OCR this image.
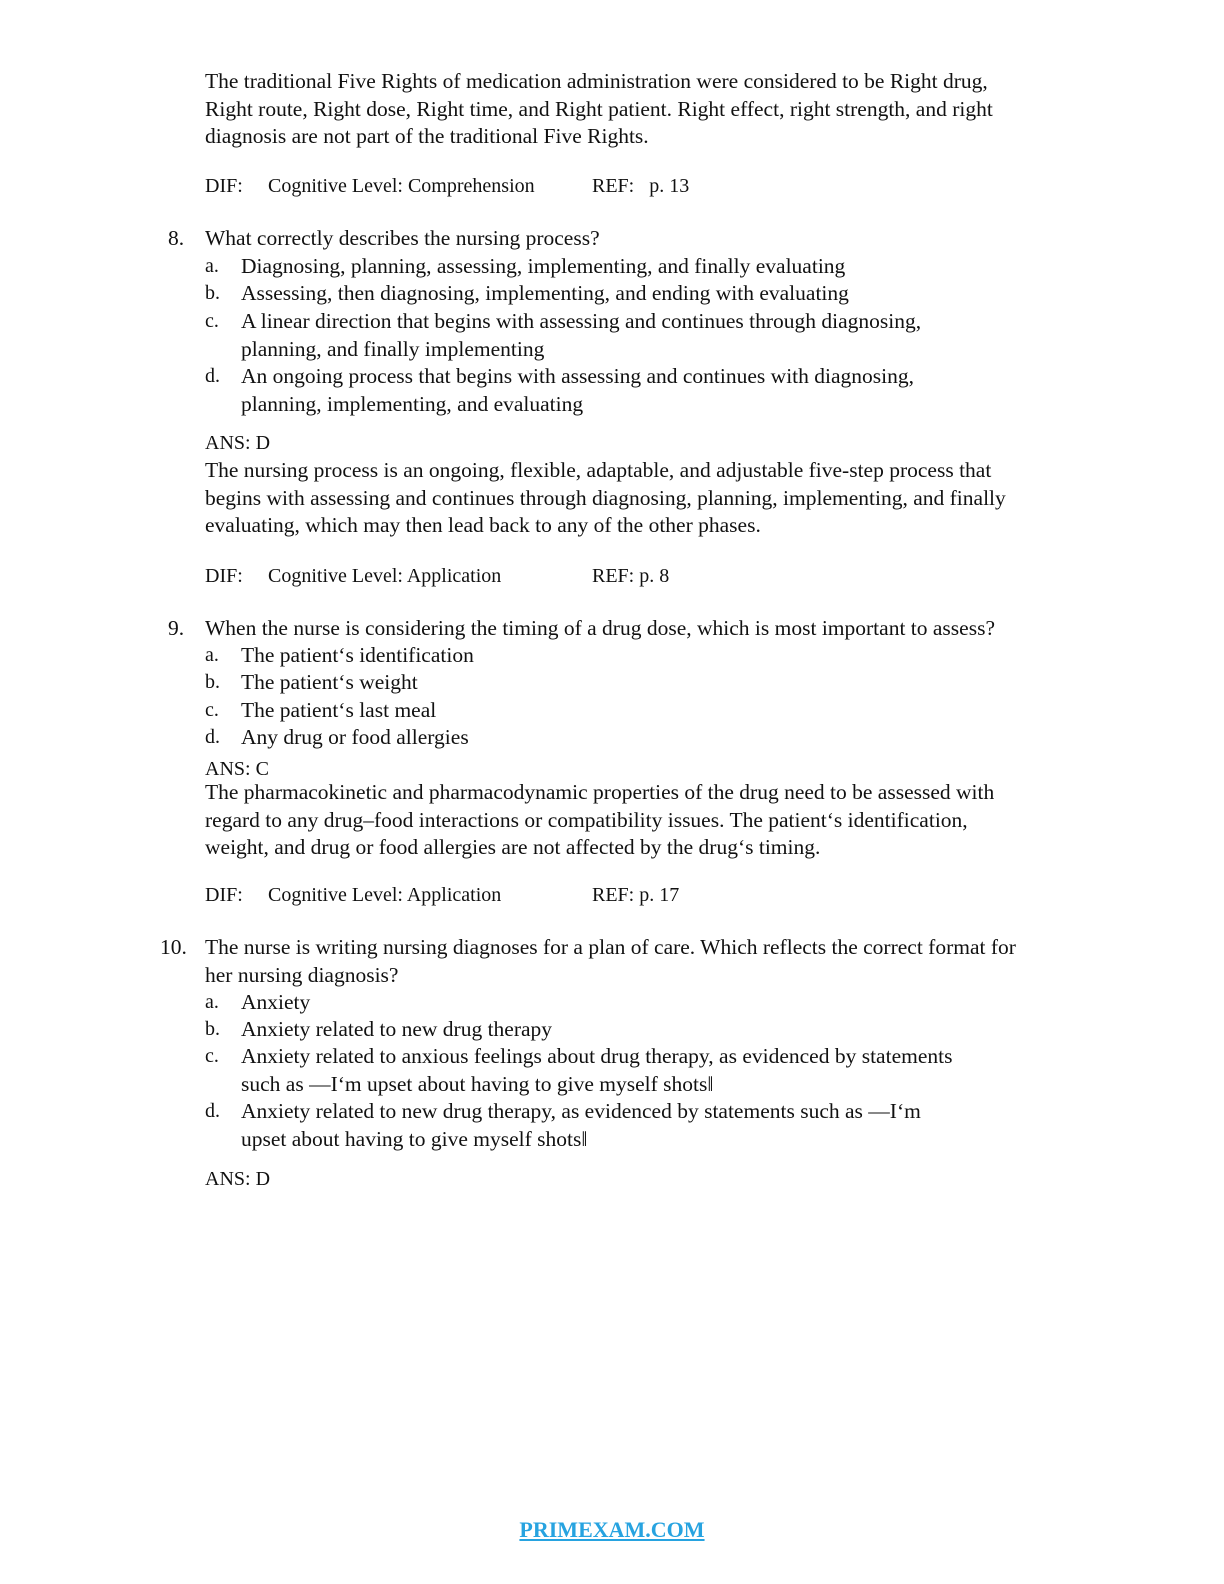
The traditional Five Rights of medication administration were considered to be Right drug,
Right route, Right dose, Right time, and Right patient. Right effect, right strength, and right
diagnosis are not part of the traditional Five Rights.
DIF: Cognitive Level: Comprehension	REF:   p. 13
8. What correctly describes the nursing process?
a. Diagnosing, planning, assessing, implementing, and finally evaluating
b. Assessing, then diagnosing, implementing, and ending with evaluating
c. A linear direction that begins with assessing and continues through diagnosing,
planning, and finally implementing
d. An ongoing process that begins with assessing and continues with diagnosing,
planning, implementing, and evaluating
ANS: D
The nursing process is an ongoing, flexible, adaptable, and adjustable five-step process that
begins with assessing and continues through diagnosing, planning, implementing, and finally
evaluating, which may then lead back to any of the other phases.
DIF: Cognitive Level: Application	REF: p. 8
9. When the nurse is considering the timing of a drug dose, which is most important to assess?
a. The patient‘s identification
b. The patient‘s weight
c. The patient‘s last meal
d. Any drug or food allergies
ANS: C
The pharmacokinetic and pharmacodynamic properties of the drug need to be assessed with
regard to any drug–food interactions or compatibility issues. The patient‘s identification,
weight, and drug or food allergies are not affected by the drug‘s timing.
DIF: Cognitive Level: Application	REF: p. 17
10. The nurse is writing nursing diagnoses for a plan of care. Which reflects the correct format for
her nursing diagnosis?
a. Anxiety
b. Anxiety related to new drug therapy
c. Anxiety related to anxious feelings about drug therapy, as evidenced by statements
such as ―I‘m upset about having to give myself shots‖
d. Anxiety related to new drug therapy, as evidenced by statements such as ―I‘m
upset about having to give myself shots‖
ANS: D
PRIMEXAM.COM
